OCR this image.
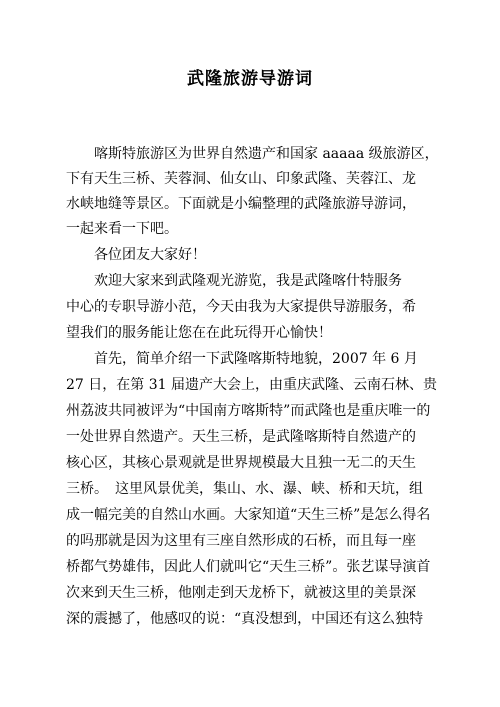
武隆旅游导游词
　　喀斯特旅游区为世界自然遗产和国家 aaaaa 级旅游区，
下有天生三桥、芙蓉洞、仙女山、印象武隆、芙蓉江、龙
水峡地缝等景区。下面就是小编整理的武隆旅游导游词，
一起来看一下吧。
　　各位团友大家好！
　　欢迎大家来到武隆观光游览，我是武隆喀什特服务
中心的专职导游小范，今天由我为大家提供导游服务，希
望我们的服务能让您在在此玩得开心愉快！
　　首先，简单介绍一下武隆喀斯特地貌，2007 年 6 月
27 日，在第 31 届遗产大会上，由重庆武隆、云南石林、贵
州荔波共同被评为“中国南方喀斯特”而武隆也是重庆唯一的
一处世界自然遗产。天生三桥，是武隆喀斯特自然遗产的
核心区，其核心景观就是世界规模最大且独一无二的天生
三桥。　这里风景优美，集山、水、瀑、峡、桥和天坑，组
成一幅完美的自然山水画。大家知道“天生三桥”是怎么得名
的吗那就是因为这里有三座自然形成的石桥，而且每一座
桥都气势雄伟，因此人们就叫它“天生三桥”。张艺谋导演首
次来到天生三桥，他刚走到天龙桥下，就被这里的美景深
深的震撼了，他感叹的说：“真没想到，中国还有这么独特
